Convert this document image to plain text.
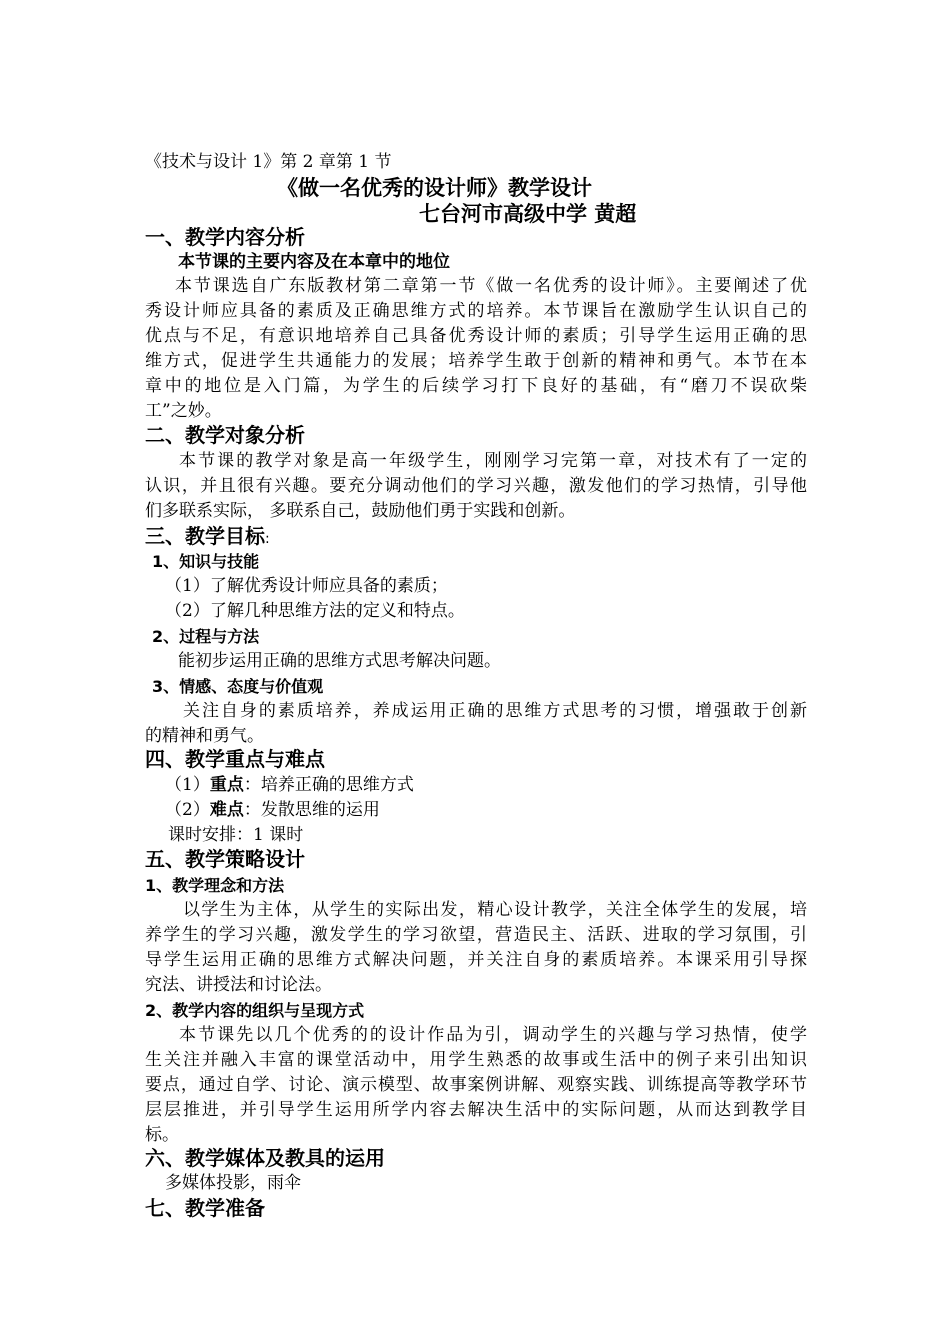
《技术与设计 1》第 2 章第 1 节
《做一名优秀的设计师》教学设计
七台河市高级中学 黄超
一、教学内容分析
本节课的主要内容及在本章中的地位
本节课选自广东版教材第二章第一节《做一名优秀的设计师》。主要阐述了优
秀设计师应具备的素质及正确思维方式的培养。本节课旨在激励学生认识自己的
优点与不足，有意识地培养自己具备优秀设计师的素质；引导学生运用正确的思
维方式，促进学生共通能力的发展；培养学生敢于创新的精神和勇气。本节在本
章中的地位是入门篇，为学生的后续学习打下良好的基础，有“磨刀不误砍柴
工”之妙。
二、教学对象分析
本节课的教学对象是高一年级学生，刚刚学习完第一章，对技术有了一定的
认识，并且很有兴趣。要充分调动他们的学习兴趣，激发他们的学习热情，引导他
们多联系实际， 多联系自己，鼓励他们勇于实践和创新。
三、教学目标:
1、知识与技能
（1）了解优秀设计师应具备的素质；
（2）了解几种思维方法的定义和特点。
2、过程与方法
能初步运用正确的思维方式思考解决问题。
3、情感、态度与价值观
关注自身的素质培养，养成运用正确的思维方式思考的习惯，增强敢于创新
的精神和勇气。
四、教学重点与难点
（1）重点：培养正确的思维方式
（2）难点：发散思维的运用
课时安排：1 课时
五、教学策略设计
1、教学理念和方法
以学生为主体，从学生的实际出发，精心设计教学，关注全体学生的发展，培
养学生的学习兴趣，激发学生的学习欲望，营造民主、活跃、进取的学习氛围，引
导学生运用正确的思维方式解决问题，并关注自身的素质培养。本课采用引导探
究法、讲授法和讨论法。
2、教学内容的组织与呈现方式
本节课先以几个优秀的的设计作品为引，调动学生的兴趣与学习热情，使学
生关注并融入丰富的课堂活动中，用学生熟悉的故事或生活中的例子来引出知识
要点，通过自学、讨论、演示模型、故事案例讲解、观察实践、训练提高等教学环节
层层推进，并引导学生运用所学内容去解决生活中的实际问题，从而达到教学目
标。
六、教学媒体及教具的运用
多媒体投影，雨伞
七、教学准备
